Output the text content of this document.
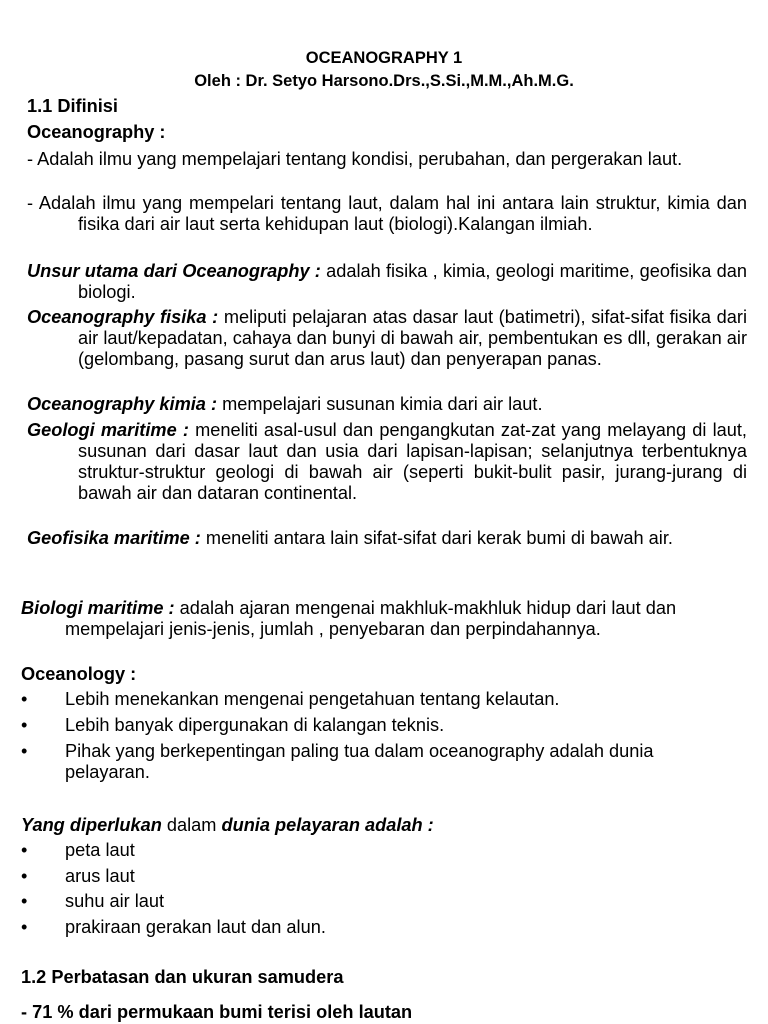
OCEANOGRAPHY 1
Oleh : Dr. Setyo Harsono.Drs.,S.Si.,M.M.,Ah.M.G.
1.1 Difinisi
Oceanography :
- Adalah ilmu yang mempelajari tentang kondisi, perubahan, dan pergerakan laut.
- Adalah ilmu yang mempelari tentang laut, dalam hal ini antara lain struktur, kimia dan fisika dari air laut serta kehidupan laut (biologi).Kalangan ilmiah.
Unsur utama dari Oceanography : adalah fisika , kimia, geologi maritime, geofisika dan biologi.
Oceanography fisika : meliputi pelajaran atas dasar laut (batimetri), sifat-sifat fisika dari air laut/kepadatan, cahaya dan bunyi di bawah air, pembentukan es dll, gerakan air (gelombang, pasang surut dan arus laut) dan penyerapan panas.
Oceanography kimia : mempelajari susunan kimia dari air laut.
Geologi maritime : meneliti asal-usul dan pengangkutan zat-zat yang melayang di laut, susunan dari dasar laut dan usia dari lapisan-lapisan; selanjutnya terbentuknya struktur-struktur geologi di bawah air (seperti bukit-bulit pasir, jurang-jurang di bawah air dan dataran continental.
Geofisika maritime : meneliti antara lain sifat-sifat dari kerak bumi di bawah air.
Biologi maritime : adalah ajaran mengenai makhluk-makhluk hidup dari laut dan mempelajari jenis-jenis, jumlah , penyebaran dan perpindahannya.
Oceanology :
• Lebih menekankan mengenai pengetahuan tentang kelautan.
• Lebih banyak dipergunakan di kalangan teknis.
• Pihak yang berkepentingan paling tua dalam oceanography adalah dunia pelayaran.
Yang diperlukan dalam dunia pelayaran adalah :
• peta laut
• arus laut
• suhu air laut
• prakiraan gerakan laut dan alun.
1.2 Perbatasan dan ukuran samudera
- 71 % dari permukaan bumi terisi oleh lautan
